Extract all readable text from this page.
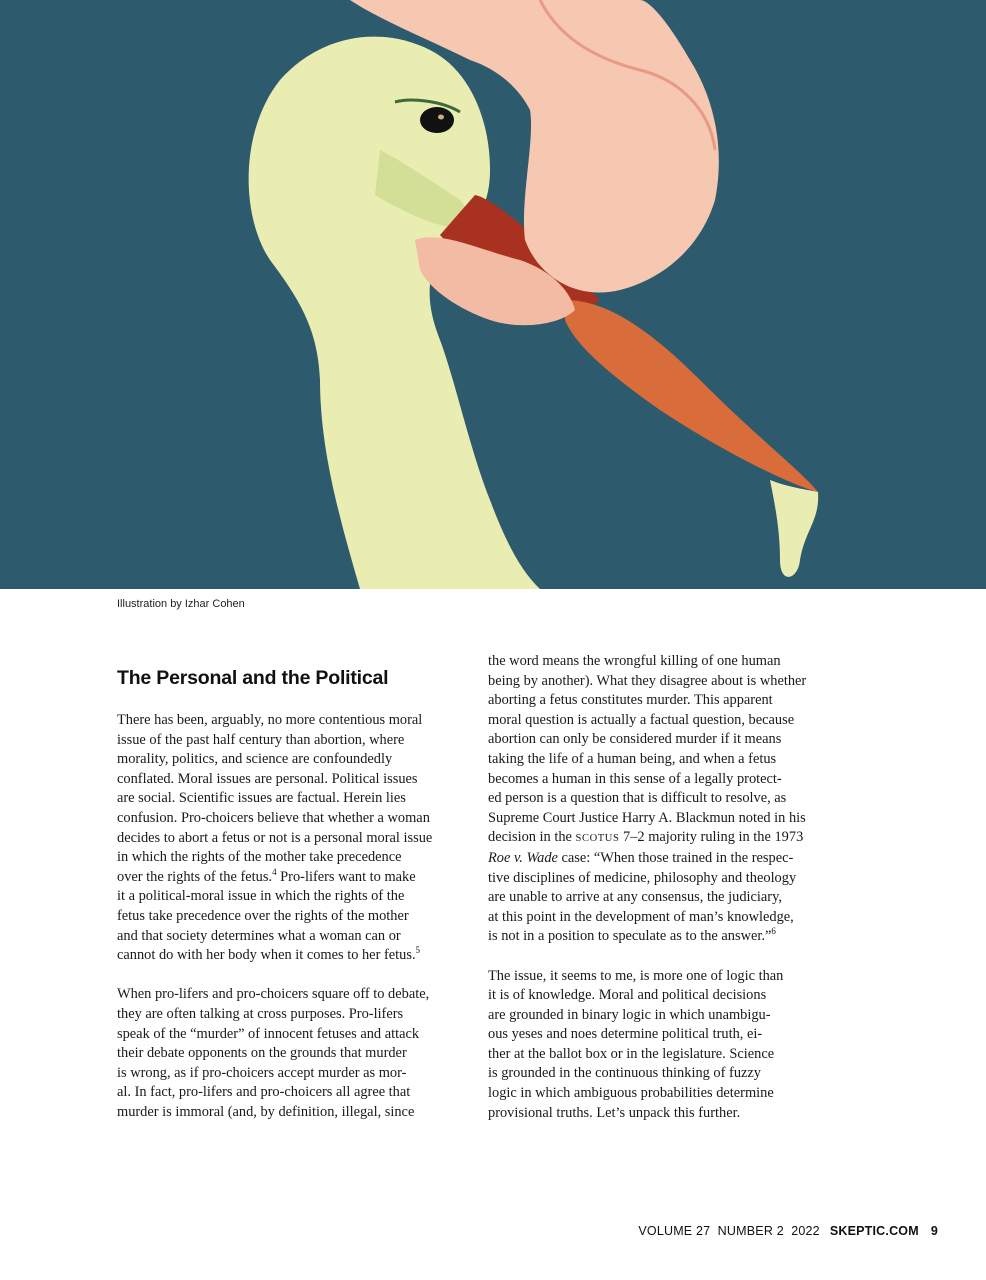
Illustration by Izhar Cohen
The Personal and the Political

There has been, arguably, no more contentious moral
issue of the past half century than abortion, where
morality, politics, and science are confoundedly
conflated. Moral issues are personal. Political issues
are social. Scientific issues are factual. Herein lies
confusion. Pro-choicers believe that whether a woman
decides to abort a fetus or not is a personal moral issue
in which the rights of the mother take precedence
over the rights of the fetus.$^4$ Pro-lifers want to make
it a political-moral issue in which the rights of the
fetus take precedence over the rights of the mother
and that society determines what a woman can or
cannot do with her body when it comes to her fetus.$^5$

When pro-lifers and pro-choicers square off to debate,
they are often talking at cross purposes. Pro-lifers
speak of the “murder” of innocent fetuses and attack
their debate opponents on the grounds that murder
is wrong, as if pro-choicers accept murder as mor-
al. In fact, pro-lifers and pro-choicers all agree that
murder is immoral (and, by definition, illegal, since

the word means the wrongful killing of one human
being by another). What they disagree about is whether
aborting a fetus constitutes murder. This apparent
moral question is actually a factual question, because
abortion can only be considered murder if it means
taking the life of a human being, and when a fetus
becomes a human in this sense of a legally protect-
ed person is a question that is difficult to resolve, as
Supreme Court Justice Harry A. Blackmun noted in his
decision in the SCOTUS 7–2 majority ruling in the 1973
Roe v. Wade case: “When those trained in the respec-
tive disciplines of medicine, philosophy and theology
are unable to arrive at any consensus, the judiciary,
at this point in the development of man’s knowledge,
is not in a position to speculate as to the answer.”$^6$

The issue, it seems to me, is more one of logic than
it is of knowledge. Moral and political decisions
are grounded in binary logic in which unambigu-
ous yeses and noes determine political truth, ei-
ther at the ballot box or in the legislature. Science
is grounded in the continuous thinking of fuzzy
logic in which ambiguous probabilities determine
provisional truths. Let’s unpack this further.

VOLUME 27  NUMBER 2  2022 SKEPTIC.COM 9
